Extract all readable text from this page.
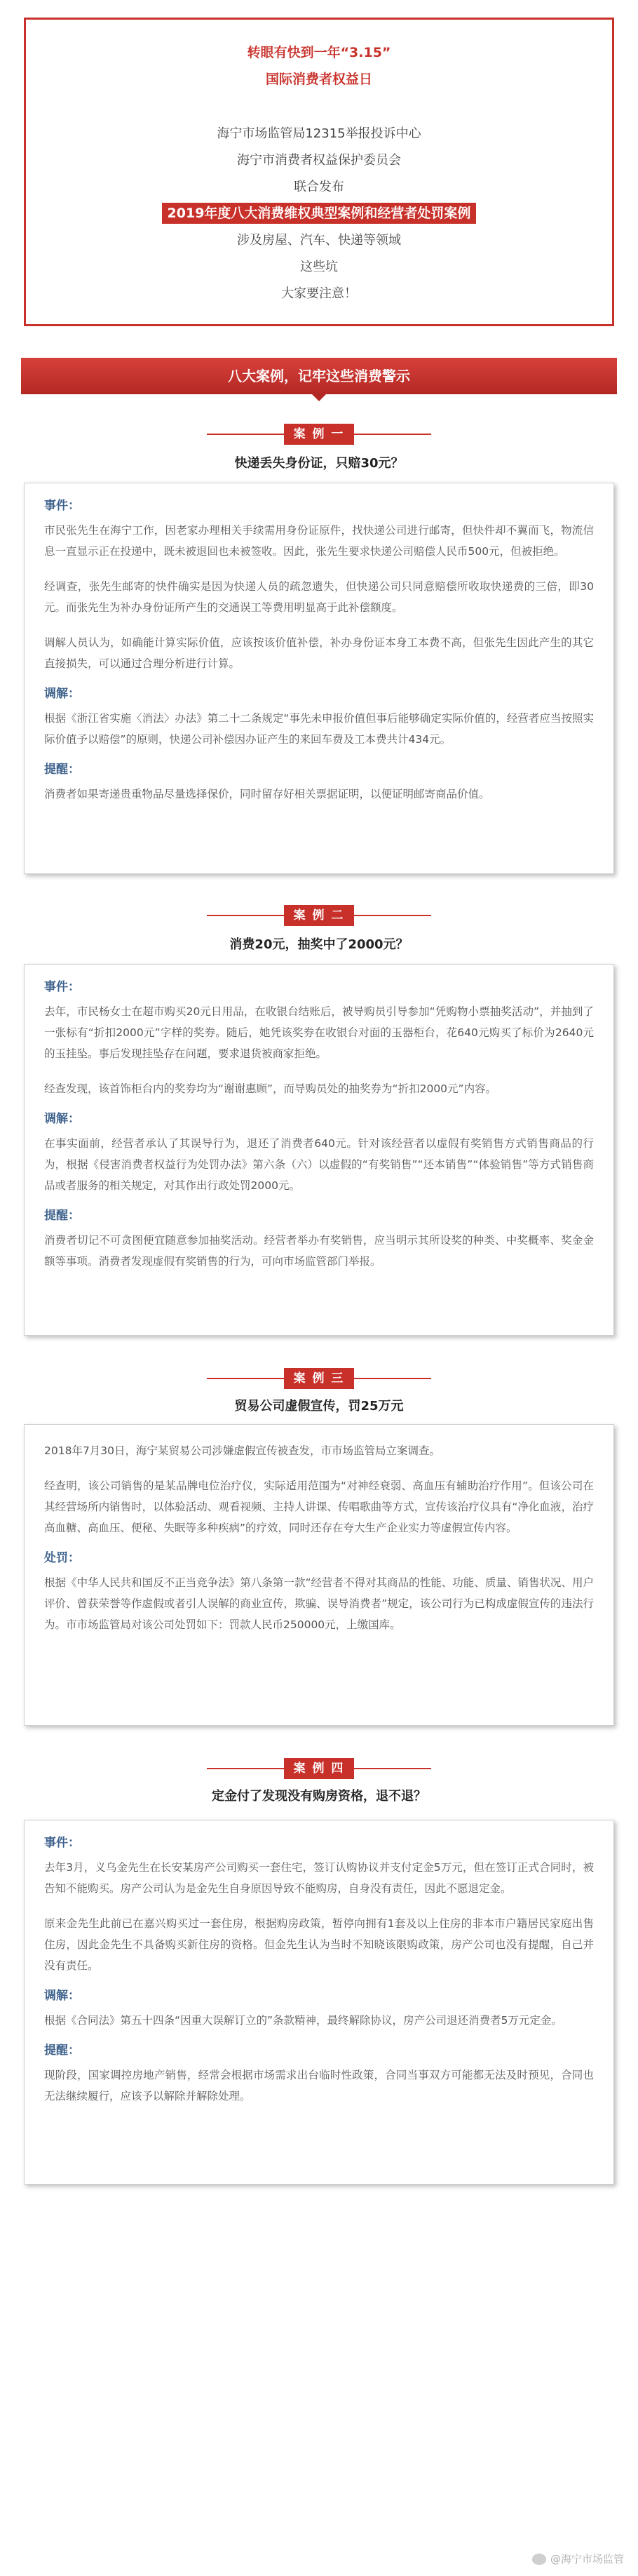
转眼有快到一年“3.15”
国际消费者权益日
海宁市场监管局12315举报投诉中心
海宁市消费者权益保护委员会
联合发布
2019年度八大消费维权典型案例和经营者处罚案例
涉及房屋、汽车、快递等领域
这些坑
大家要注意！
八大案例，记牢这些消费警示
案 例 一
快递丢失身份证，只赔30元？
事件：

市民张先生在海宁工作，因老家办理相关手续需用身份证原件，找快递公司进行邮寄，但快件却不翼而飞，物流信息一直显示正在投递中，既未被退回也未被签收。因此，张先生要求快递公司赔偿人民币500元，但被拒绝。

经调查，张先生邮寄的快件确实是因为快递人员的疏忽遗失，但快递公司只同意赔偿所收取快递费的三倍，即30元。而张先生为补办身份证所产生的交通误工等费用明显高于此补偿额度。

调解人员认为，如确能计算实际价值，应该按该价值补偿，补办身份证本身工本费不高，但张先生因此产生的其它直接损失，可以通过合理分析进行计算。

调解：

根据《浙江省实施〈消法〉办法》第二十二条规定“事先未申报价值但事后能够确定实际价值的，经营者应当按照实际价值予以赔偿”的原则，快递公司补偿因办证产生的来回车费及工本费共计434元。

提醒：

消费者如果寄递贵重物品尽量选择保价，同时留存好相关票据证明，以便证明邮寄商品价值。

案 例 二
消费20元，抽奖中了2000元？
事件：

去年，市民杨女士在超市购买20元日用品，在收银台结账后，被导购员引导参加“凭购物小票抽奖活动”，并抽到了一张标有“折扣2000元”字样的奖券。随后，她凭该奖券在收银台对面的玉器柜台，花640元购买了标价为2640元的玉挂坠。事后发现挂坠存在问题，要求退货被商家拒绝。

经查发现，该首饰柜台内的奖券均为“谢谢惠顾”，而导购员处的抽奖券为“折扣2000元”内容。

调解：

在事实面前，经营者承认了其误导行为，退还了消费者640元。针对该经营者以虚假有奖销售方式销售商品的行为，根据《侵害消费者权益行为处罚办法》第六条（六）以虚假的“有奖销售”“还本销售”“体验销售”等方式销售商品或者服务的相关规定，对其作出行政处罚2000元。

提醒：

消费者切记不可贪图便宜随意参加抽奖活动。经营者举办有奖销售，应当明示其所设奖的种类、中奖概率、奖金金额等事项。消费者发现虚假有奖销售的行为，可向市场监管部门举报。

案 例 三
贸易公司虚假宣传，罚25万元

2018年7月30日，海宁某贸易公司涉嫌虚假宣传被查发，市市场监管局立案调查。

经查明，该公司销售的是某品牌电位治疗仪，实际适用范围为“对神经衰弱、高血压有辅助治疗作用”。但该公司在其经营场所内销售时，以体验活动、观看视频、主持人讲课、传唱歌曲等方式，宣传该治疗仪具有“净化血液，治疗高血糖、高血压、便秘、失眠等多种疾病”的疗效，同时还存在夸大生产企业实力等虚假宣传内容。

处罚：

根据《中华人民共和国反不正当竞争法》第八条第一款“经营者不得对其商品的性能、功能、质量、销售状况、用户评价、曾获荣誉等作虚假或者引人误解的商业宣传，欺骗、误导消费者”规定，该公司行为已构成虚假宣传的违法行为。市市场监管局对该公司处罚如下：罚款人民币250000元，上缴国库。

案 例 四
定金付了发现没有购房资格，退不退？
事件：

去年3月，义乌金先生在长安某房产公司购买一套住宅，签订认购协议并支付定金5万元，但在签订正式合同时，被告知不能购买。房产公司认为是金先生自身原因导致不能购房，自身没有责任，因此不愿退定金。

原来金先生此前已在嘉兴购买过一套住房，根据购房政策，暂停向拥有1套及以上住房的非本市户籍居民家庭出售住房，因此金先生不具备购买新住房的资格。但金先生认为当时不知晓该限购政策，房产公司也没有提醒，自己并没有责任。

调解：

根据《合同法》第五十四条“因重大误解订立的”条款精神，最终解除协议，房产公司退还消费者5万元定金。

提醒：

现阶段，国家调控房地产销售，经常会根据市场需求出台临时性政策，合同当事双方可能都无法及时预见，合同也无法继续履行，应该予以解除并解除处理。

@海宁市场监管
